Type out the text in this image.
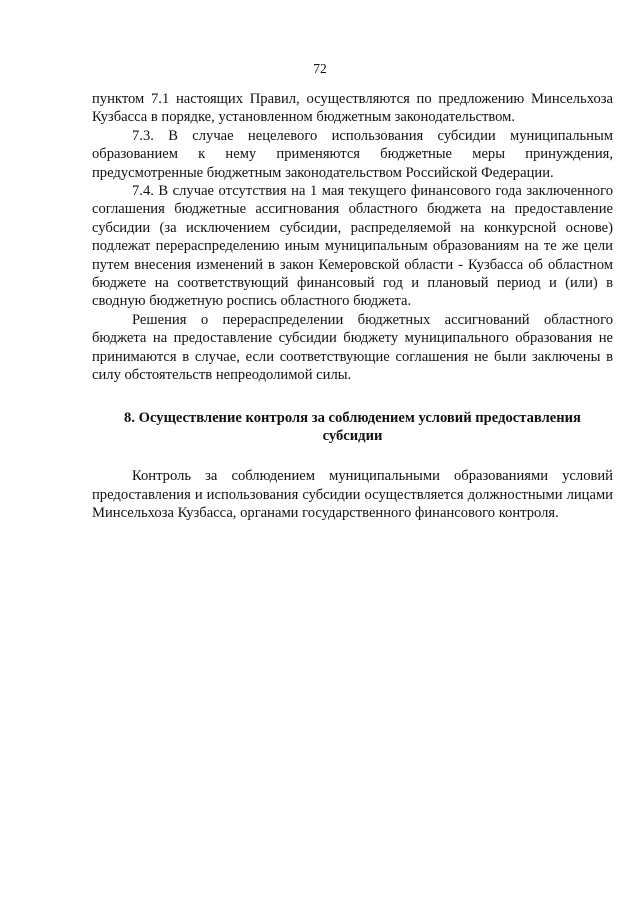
72

пунктом 7.1 настоящих Правил, осуществляются по предложению Минсельхоза Кузбасса в порядке, установленном бюджетным законодательством.

7.3. В случае нецелевого использования субсидии муниципальным образованием к нему применяются бюджетные меры принуждения, предусмотренные бюджетным законодательством Российской Федерации.

7.4. В случае отсутствия на 1 мая текущего финансового года заключенного соглашения бюджетные ассигнования областного бюджета на предоставление субсидии (за исключением субсидии, распределяемой на конкурсной основе) подлежат перераспределению иным муниципальным образованиям на те же цели путем внесения изменений в закон Кемеровской области - Кузбасса об областном бюджете на соответствующий финансовый год и плановый период и (или) в сводную бюджетную роспись областного бюджета.

Решения о перераспределении бюджетных ассигнований областного бюджета на предоставление субсидии бюджету муниципального образования не принимаются в случае, если соответствующие соглашения не были заключены в силу обстоятельств непреодолимой силы.

8. Осуществление контроля за соблюдением условий предоставления субсидии

Контроль за соблюдением муниципальными образованиями условий предоставления и использования субсидии осуществляется должностными лицами Минсельхоза Кузбасса, органами государственного финансового контроля.
